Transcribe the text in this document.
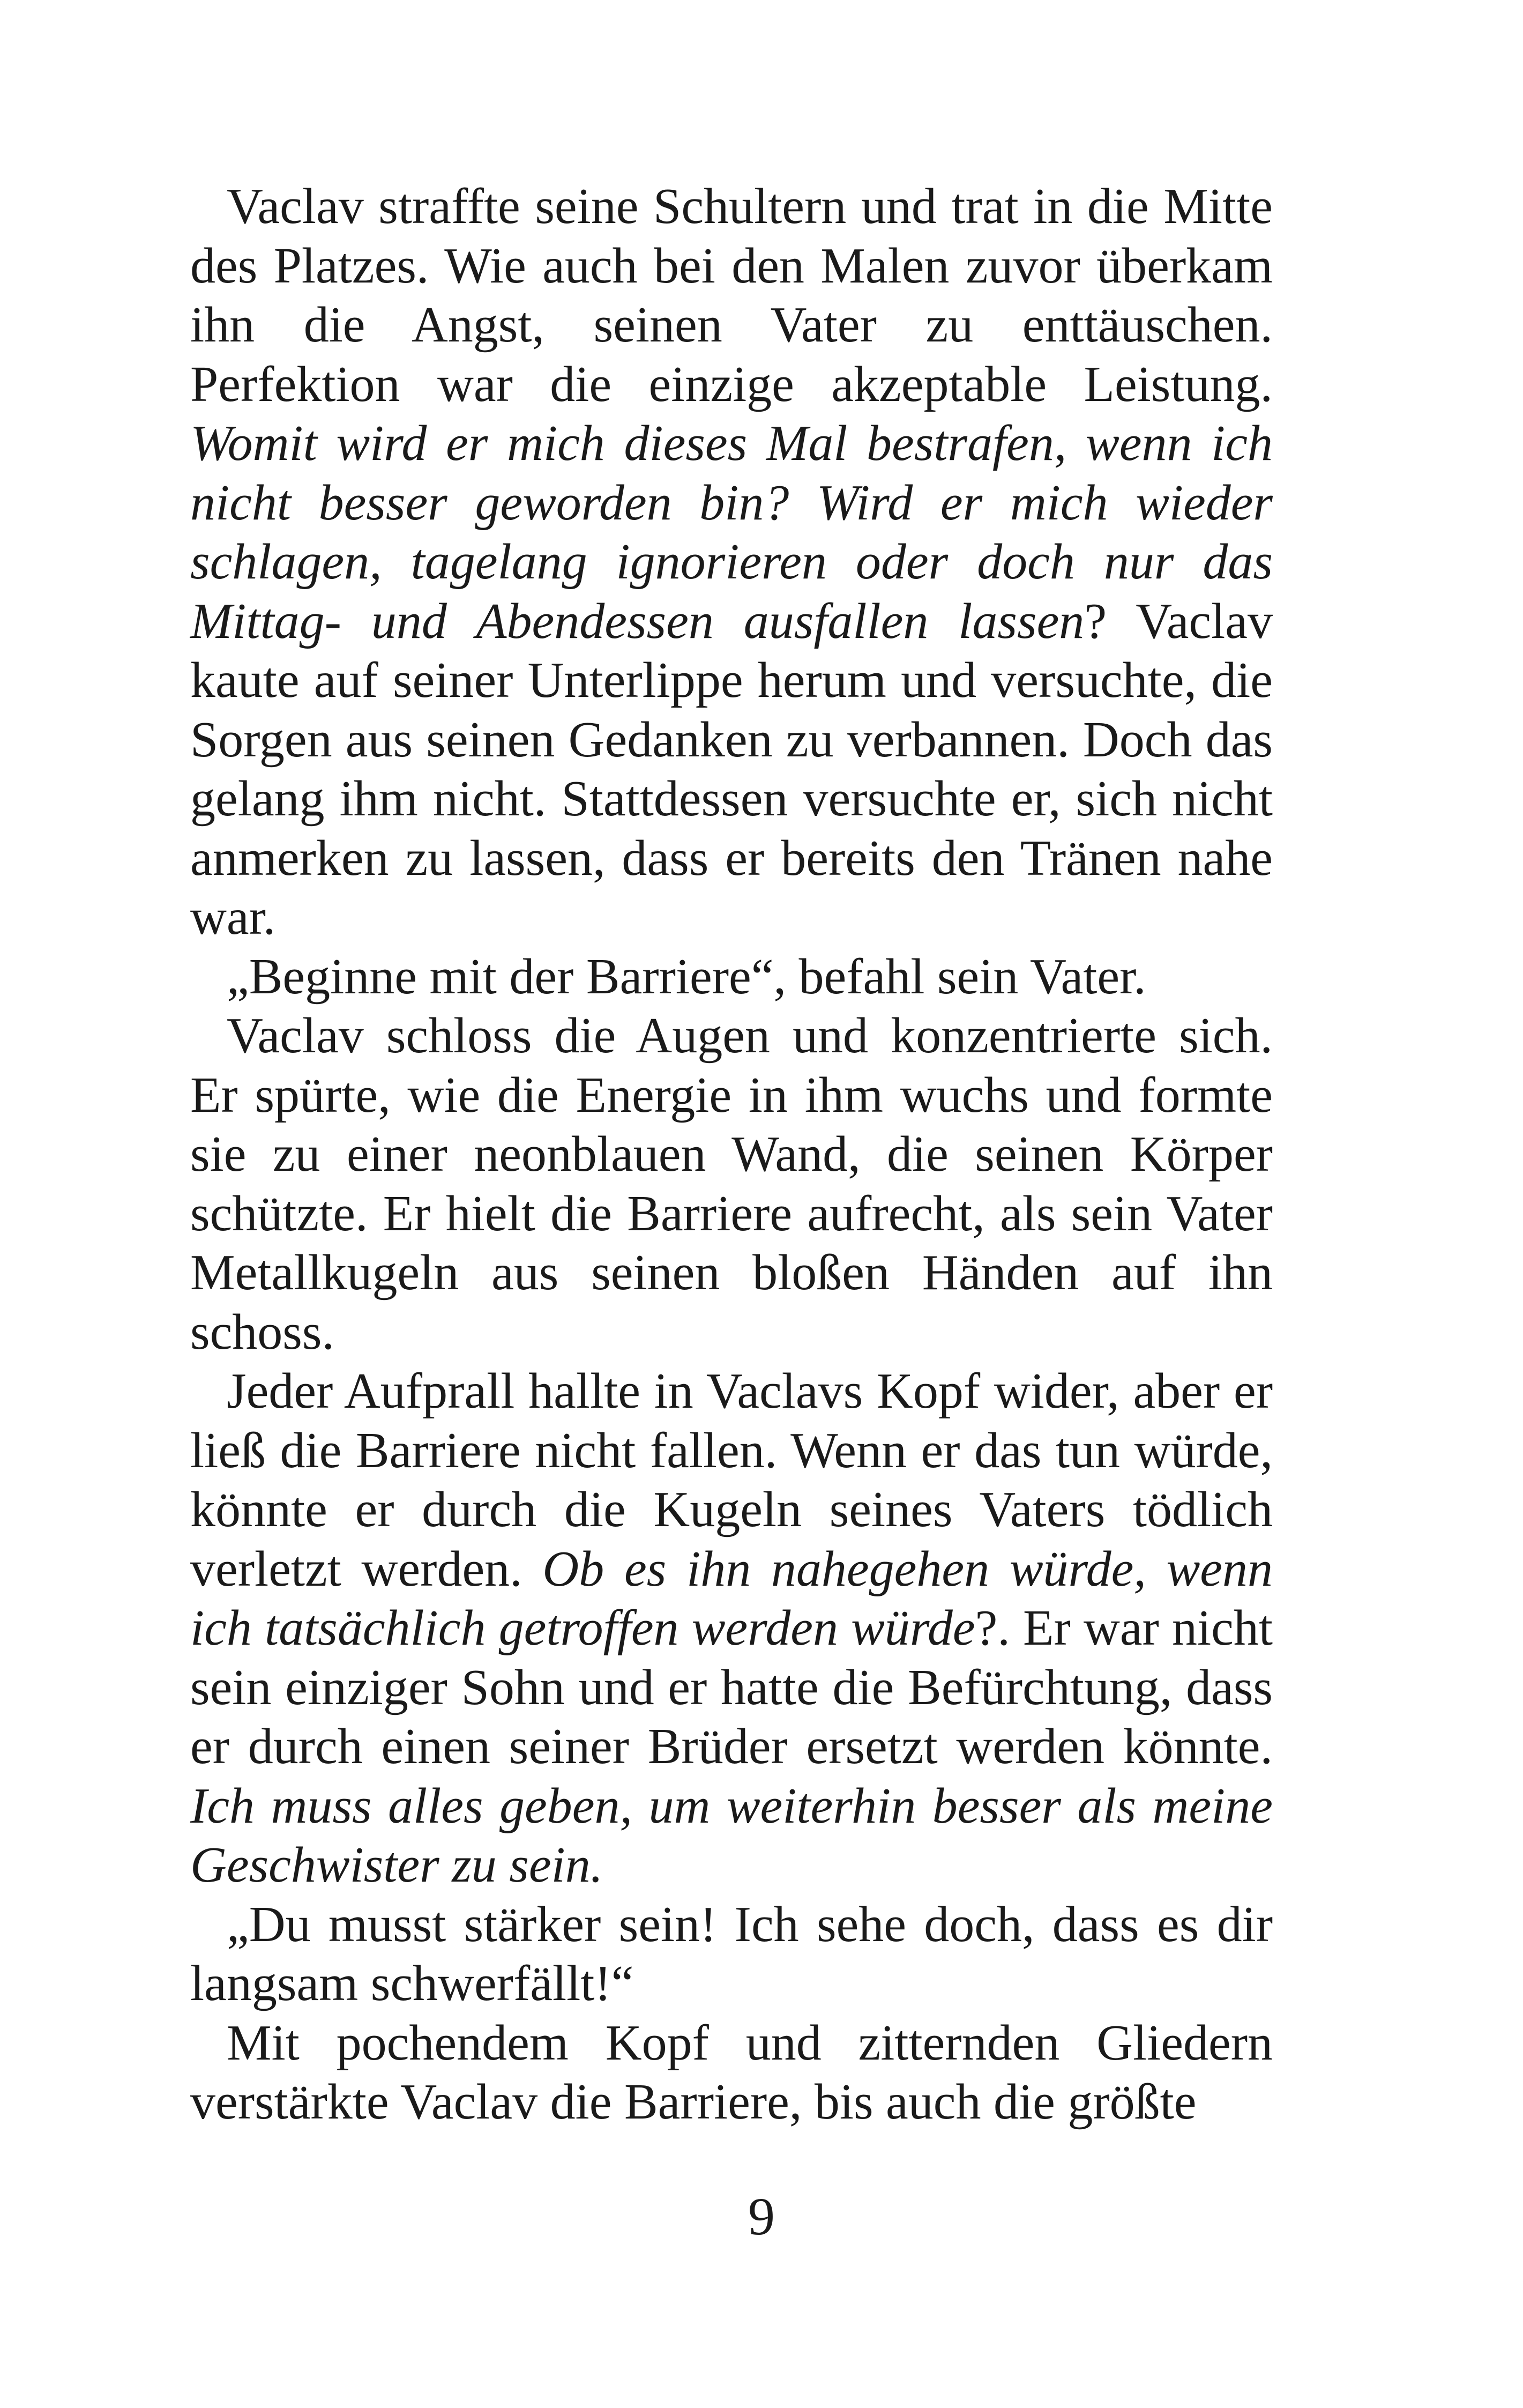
Vaclav straffte seine Schultern und trat in die Mitte des Platzes. Wie auch bei den Malen zuvor überkam ihn die Angst, seinen Vater zu enttäuschen. Perfektion war die einzige akzeptable Leistung. Womit wird er mich dieses Mal bestrafen, wenn ich nicht besser geworden bin? Wird er mich wieder schlagen, tagelang ignorieren oder doch nur das Mittag- und Abendessen ausfallen lassen? Vaclav kaute auf seiner Unterlippe herum und versuchte, die Sorgen aus seinen Gedanken zu verbannen. Doch das gelang ihm nicht. Stattdessen versuchte er, sich nicht anmerken zu lassen, dass er bereits den Tränen nahe war.

„Beginne mit der Barriere“, befahl sein Vater.

Vaclav schloss die Augen und konzentrierte sich. Er spürte, wie die Energie in ihm wuchs und formte sie zu einer neonblauen Wand, die seinen Körper schützte. Er hielt die Barriere aufrecht, als sein Vater Metallkugeln aus seinen bloßen Händen auf ihn schoss.

Jeder Aufprall hallte in Vaclavs Kopf wider, aber er ließ die Barriere nicht fallen. Wenn er das tun würde, könnte er durch die Kugeln seines Vaters tödlich verletzt werden. Ob es ihn nahegehen würde, wenn ich tatsächlich getroffen werden würde?. Er war nicht sein einziger Sohn und er hatte die Befürchtung, dass er durch einen seiner Brüder ersetzt werden könnte. Ich muss alles geben, um weiterhin besser als meine Geschwister zu sein.

„Du musst stärker sein! Ich sehe doch, dass es dir langsam schwerfällt!“

Mit pochendem Kopf und zitternden Gliedern verstärkte Vaclav die Barriere, bis auch die größte

9
